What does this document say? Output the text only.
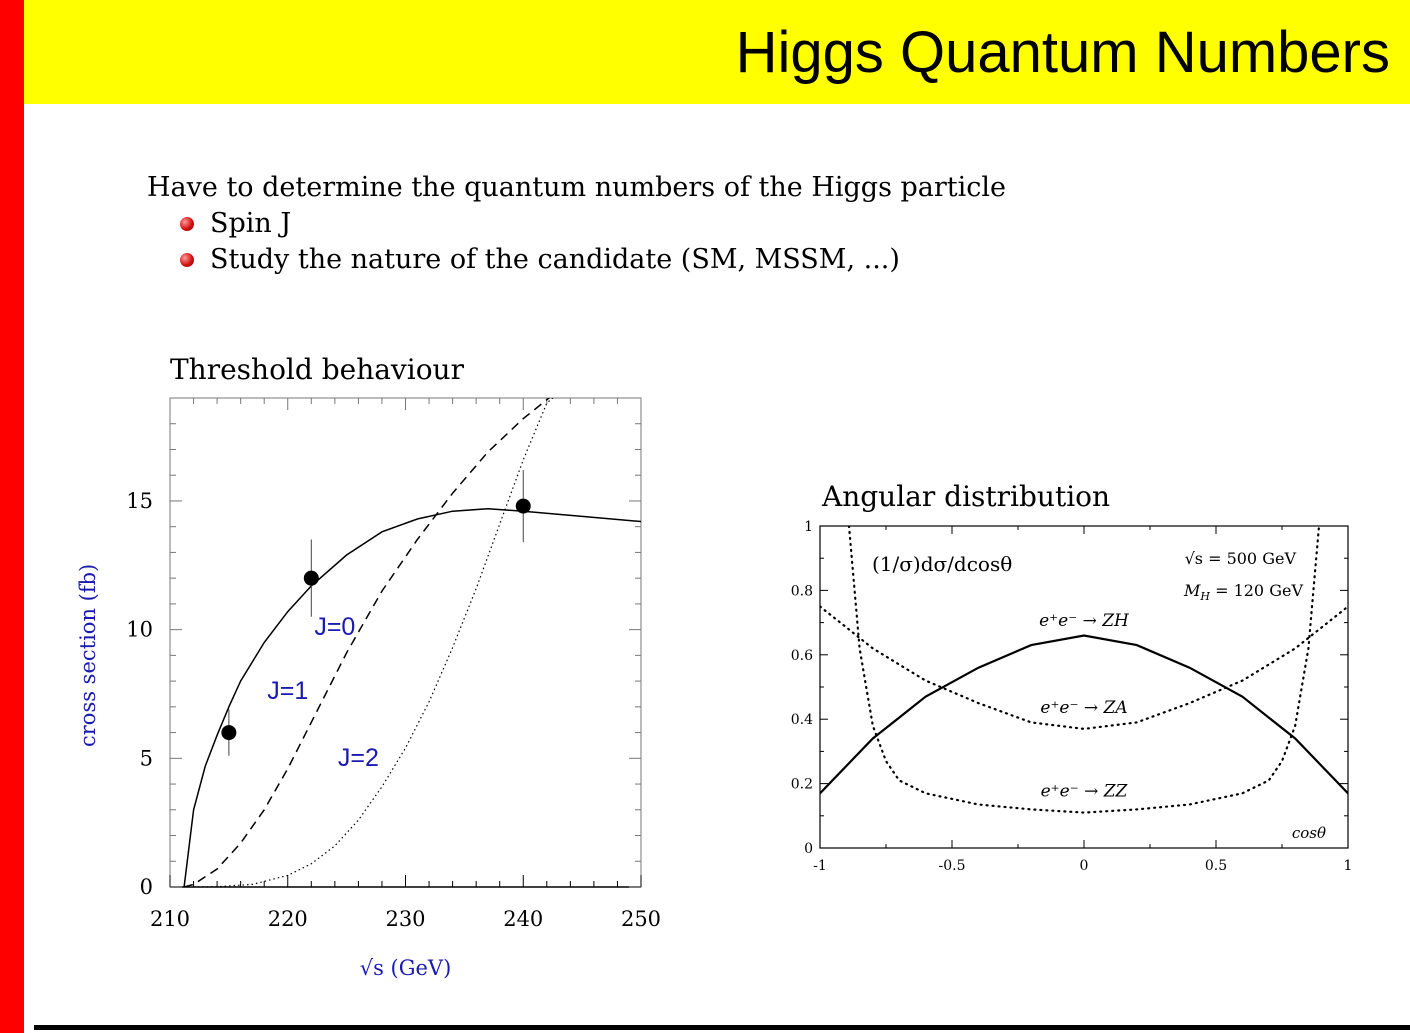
Higgs Quantum Numbers
Have to determine the quantum numbers of the Higgs particle
Spin J
Study the nature of the candidate (SM, MSSM, ...)
Threshold behaviour
Angular distribution
210	220	230	240	250
0
5
10
15
√s (GeV)
cross section (fb)	J=0
J=1
J=2
-1	-0.5	0	0.5	1
0
0.2
0.4
0.6
0.8
1
e⁺e⁻ → ZH
e⁺e⁻ → ZA
e⁺e⁻ → ZZ
(1/σ)dσ/dcosθ	√s = 500 GeV
$M_H = 120$ GeV
cosθ
